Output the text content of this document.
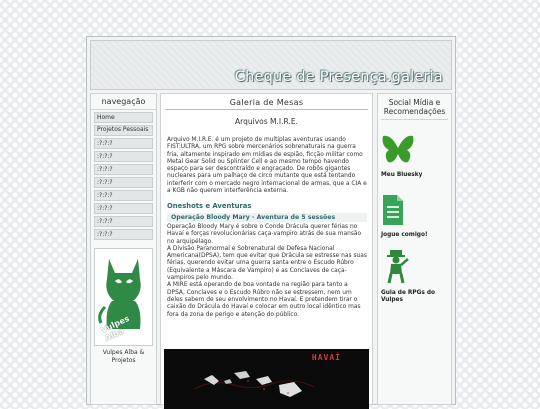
Cheque de Presença.galeria
navegação
Home
Projetos Pessoais
:?:?:?
:?:?:?
:?:?:?
:?:?:?
:?:?:?
:?:?:?
:?:?:?
:?:?:?
Vulpes Alba
Vulpes Alba & Projetos
Galeria de Mesas
Arquivos M.I.R.E.

Arquivo M.I.R.E. é um projeto de multiplas aventuras usando FIST:ULTRA, um RPG sobre mercenários sobrenaturais na guerra fria, altamente inspirado em mídias de espião, ficção militar como Metal Gear Solid ou Splinter Cell e ao mesmo tempo havendo espaço para ser descontraído e engraçado. De robôs gigantes nucleares para um palhaço de circo mutante que está tentando interferir com o mercado negro internacional de armas, que a CIA e a KGB não querem interferência externa.

Oneshots e Aventuras
Operação Bloody Mary - Aventura de 5 sessões

Operação Bloody Mary é sobre o Conde Drácula querer férias no Havaí e forças revolucionárias caça-vampiro atrás de sua mansão no arquipélago.

A Divisão Paranormal e Sobrenatural de Defesa Nacional Americana(DPSA), tem que evitar que Drácula se estresse nas suas férias, querendo evitar uma guerra santa entre o Escudo Rúbro (Equivalente a Máscara de Vampiro) e as Conclaves de caça-vampiros pelo mundo.

A MIRE está operando de boa vontade na região para tanto a DPSA, Conclaves e o Escudo Rúbro não se estressem, nem um deles sabem de seu envolvimento no Havaí. E pretendem tirar o caixão do Drácula do Havaí e colocar em outro local idêntico mas fora da zona de perigo e atenção do público.

HAVAÍ
Social Mídia e Recomendações
Meu Bluesky
Jogue comigo!
Guia de RPGs do Vulpes
